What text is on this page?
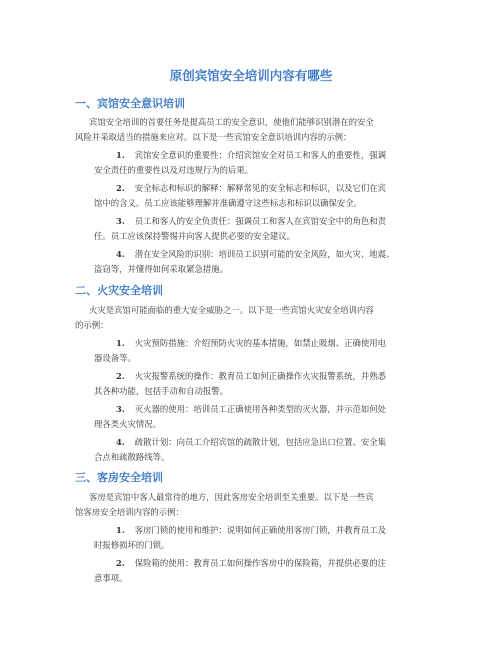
原创宾馆安全培训内容有哪些
一、宾馆安全意识培训
宾馆安全培训的首要任务是提高员工的安全意识，使他们能够识别潜在的安全
风险并采取适当的措施来应对。以下是一些宾馆安全意识培训内容的示例：
1. 宾馆安全意识的重要性：介绍宾馆安全对员工和客人的重要性，强调
安全责任的重要性以及对违规行为的后果。
2. 安全标志和标识的解释：解释常见的安全标志和标识，以及它们在宾
馆中的含义。员工应该能够理解并准确遵守这些标志和标识以确保安全。
3. 员工和客人的安全负责任：强调员工和客人在宾馆安全中的角色和责
任。员工应该保持警惕并向客人提供必要的安全建议。
4. 潜在安全风险的识别：培训员工识别可能的安全风险，如火灾、地震、
盗窃等，并懂得如何采取紧急措施。
二、火灾安全培训
火灾是宾馆可能面临的重大安全威胁之一。以下是一些宾馆火灾安全培训内容
的示例：
1. 火灾预防措施：介绍预防火灾的基本措施，如禁止吸烟、正确使用电
器设备等。
2. 火灾报警系统的操作：教育员工如何正确操作火灾报警系统，并熟悉
其各种功能，包括手动和自动报警。
3. 灭火器的使用：培训员工正确使用各种类型的灭火器，并示范如何处
理各类火灾情况。
4. 疏散计划：向员工介绍宾馆的疏散计划，包括应急出口位置、安全集
合点和疏散路线等。
三、客房安全培训
客房是宾馆中客人最常待的地方，因此客房安全培训至关重要。以下是一些宾
馆客房安全培训内容的示例：
1. 客房门锁的使用和维护：说明如何正确使用客房门锁，并教育员工及
时报修损坏的门锁。
2. 保险箱的使用：教育员工如何操作客房中的保险箱，并提供必要的注
意事项。
